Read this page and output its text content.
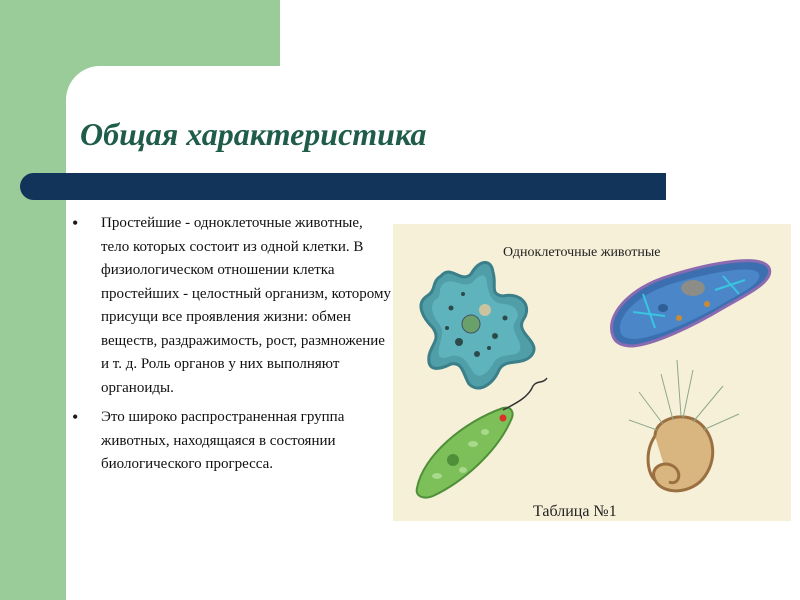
Общая характеристика
• Простейшие - одноклеточные животные, тело которых состоит из одной клетки. В физиологическом отношении клетка простейших - целостный организм, которому присущи все проявления жизни: обмен веществ, раздражимость, рост, размножение и т. д. Роль органов у них выполняют органоиды.
• Это широко распространенная группа животных, находящаяся в состоянии биологического прогресса.
Одноклеточные животные
Таблица №1
